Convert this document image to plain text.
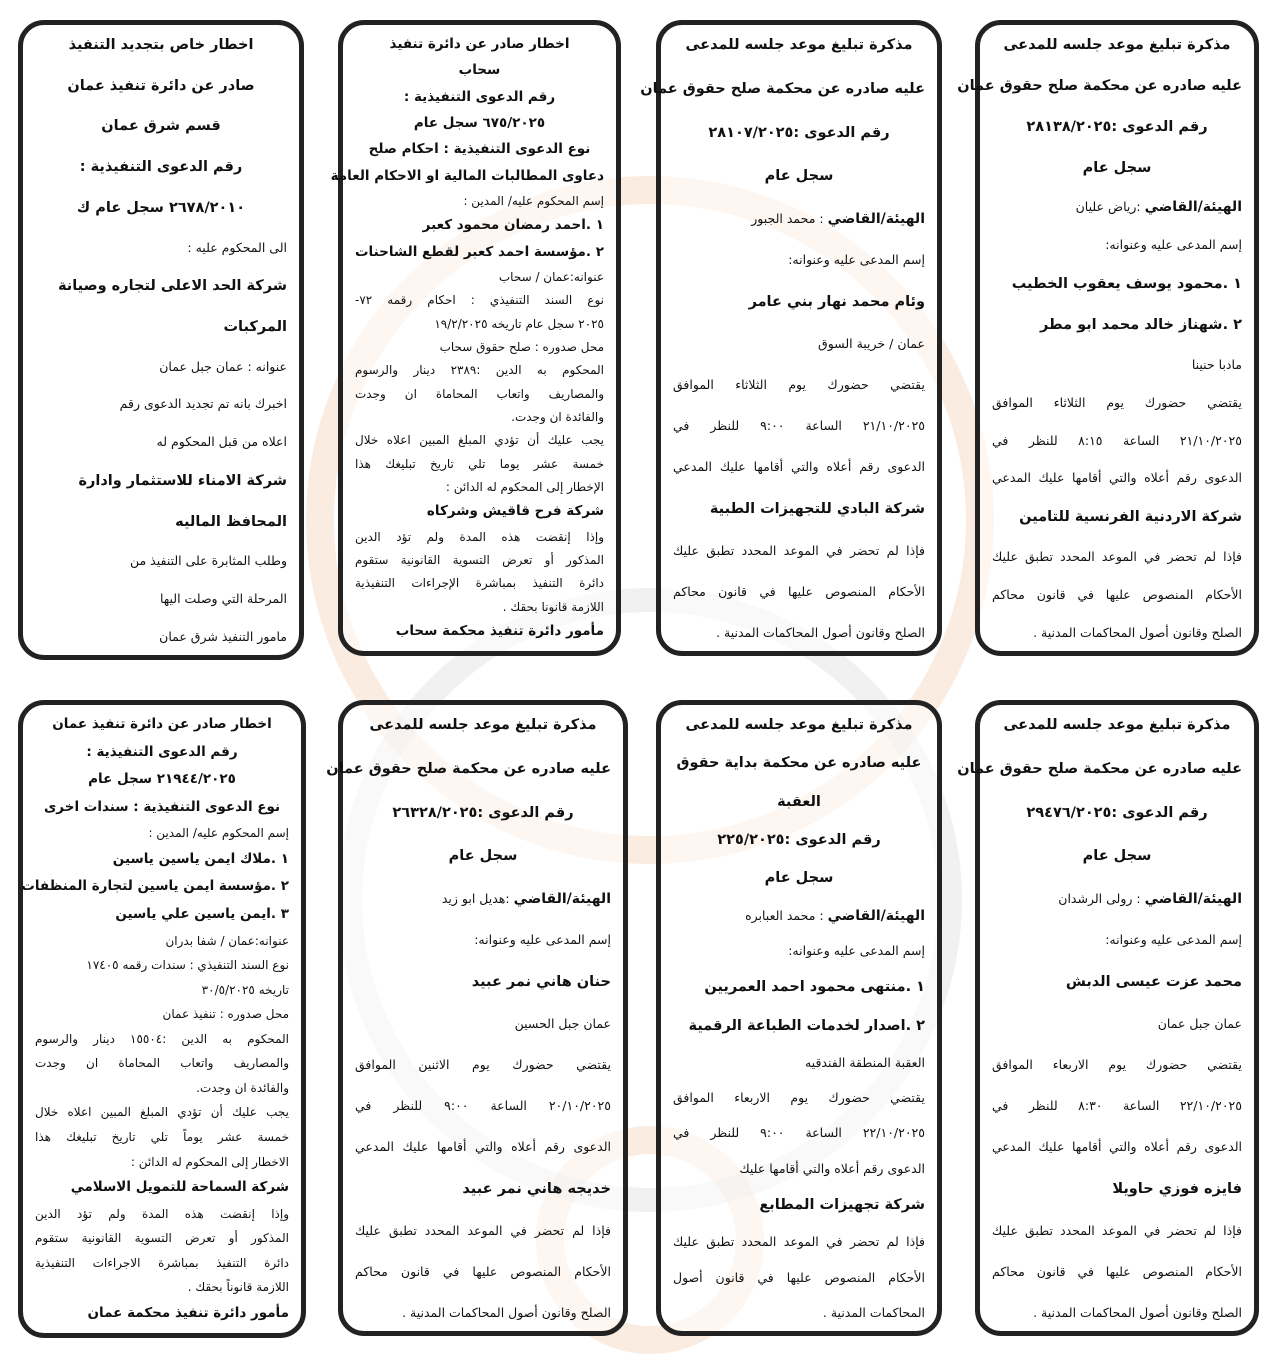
مذكرة تبليغ موعد جلسه للمدعى
عليه صادره عن محكمة صلح حقوق عمان
رقم الدعوى :٢٨١٣٨/٢٠٢٥
سجل عام
الهيئة/القاضي :رياض عليان
إسم المدعى عليه وعنوانه:
١ .محمود يوسف يعقوب الخطيب
٢ .شهناز خالد محمد ابو مطر
مادبا حنينا
يقتضي حضورك يوم الثلاثاء الموافق
٢١/١٠/٢٠٢٥ الساعة ٨:١٥ للنظر في
الدعوى رقم أعلاه والتي أقامها عليك المدعي
شركة الاردنية الفرنسية للتامين
فإذا لم تحضر في الموعد المحدد تطبق عليك
الأحكام المنصوص عليها في قانون محاكم
الصلح وقانون أصول المحاكمات المدنية .
مذكرة تبليغ موعد جلسه للمدعى
عليه صادره عن محكمة صلح حقوق عمان
رقم الدعوى :٢٨١٠٧/٢٠٢٥
سجل عام
الهيئة/القاضي : محمد الجبور
إسم المدعى عليه وعنوانه:
وئام محمد نهار بني عامر
عمان / خريبة السوق
يقتضي حضورك يوم الثلاثاء الموافق
٢١/١٠/٢٠٢٥ الساعة ٩:٠٠ للنظر في
الدعوى رقم أعلاه والتي أقامها عليك المدعي
شركة البادي للتجهيزات الطبية
فإذا لم تحضر في الموعد المحدد تطبق عليك
الأحكام المنصوص عليها في قانون محاكم
الصلح وقانون أصول المحاكمات المدنية .
اخطار صادر عن دائرة تنفيذ
سحاب
رقم الدعوى التنفيذية :
٦٧٥/٢٠٢٥ سجل عام
نوع الدعوى التنفيذية : احكام صلح
دعاوى المطالبات المالية او الاحكام العامة
إسم المحكوم عليه/ المدين :
١ .احمد رمضان محمود كعبر
٢ .مؤسسة احمد كعبر لقطع الشاحنات
عنوانه:عمان / سحاب
نوع السند التنفيذي : احكام رقمه ٧٢-
٢٠٢٥ سجل عام تاريخه ١٩/٢/٢٠٢٥
محل صدوره : صلح حقوق سحاب
المحكوم به الدين :٢٣٨٩ دينار والرسوم
والمصاريف واتعاب المحاماة ان وجدت
والفائدة ان وجدت.
يجب عليك أن تؤدي المبلغ المبين اعلاه خلال
خمسة عشر يوما تلي تاريخ تبليغك هذا
الإخطار إلى المحكوم له الدائن :
شركة فرح قاقيش وشركاه
وإذا إنقضت هذه المدة ولم تؤد الدين
المذكور أو تعرض التسوية القانونية ستقوم
دائرة التنفيذ بمباشرة الإجراءات التنفيذية
اللازمة قانونا بحقك .
مأمور دائرة تنفيذ محكمة سحاب
اخطار خاص بتجديد التنفيذ
صادر عن دائرة تنفيذ عمان
قسم شرق عمان
رقم الدعوى التنفيذية :
٢٦٧٨/٢٠١٠ سجل عام ك
الى المحكوم عليه :
شركة الحد الاعلى لتجاره وصيانة
المركبات
عنوانه : عمان جبل عمان
اخبرك بانه تم تجديد الدعوى رقم
اعلاه من قبل المحكوم له
شركة الامناء للاستثمار وادارة
المحافظ الماليه
وطلب المثابرة على التنفيذ من
المرحلة التي وصلت اليها
مامور التنفيذ شرق عمان
مذكرة تبليغ موعد جلسه للمدعى
عليه صادره عن محكمة صلح حقوق عمان
رقم الدعوى :٢٩٤٧٦/٢٠٢٥
سجل عام
الهيئة/القاضي : رولى الرشدان
إسم المدعى عليه وعنوانه:
محمد عزت عيسى الدبش
عمان جبل عمان
يقتضي حضورك يوم الاربعاء الموافق
٢٢/١٠/٢٠٢٥ الساعة ٨:٣٠ للنظر في
الدعوى رقم أعلاه والتي أقامها عليك المدعي
فايزه فوزي حاويلا
فإذا لم تحضر في الموعد المحدد تطبق عليك
الأحكام المنصوص عليها في قانون محاكم
الصلح وقانون أصول المحاكمات المدنية .
مذكرة تبليغ موعد جلسه للمدعى
عليه صادره عن محكمة بداية حقوق
العقبة
رقم الدعوى :٢٢٥/٢٠٢٥
سجل عام
الهيئة/القاضي : محمد العبابره
إسم المدعى عليه وعنوانه:
١ .منتهى محمود احمد العمريين
٢ .اصدار لخدمات الطباعة الرقمية
العقبة المنطقة الفندقيه
يقتضي حضورك يوم الاربعاء الموافق
٢٢/١٠/٢٠٢٥ الساعة ٩:٠٠ للنظر في
الدعوى رقم أعلاه والتي أقامها عليك
شركة تجهيزات المطابع
فإذا لم تحضر في الموعد المحدد تطبق عليك
الأحكام المنصوص عليها في قانون أصول
المحاكمات المدنية .
مذكرة تبليغ موعد جلسه للمدعى
عليه صادره عن محكمة صلح حقوق عمان
رقم الدعوى :٢٦٣٢٨/٢٠٢٥
سجل عام
الهيئة/القاضي :هديل ابو زيد
إسم المدعى عليه وعنوانه:
حنان هاني نمر عبيد
عمان جبل الحسين
يقتضي حضورك يوم الاثنين الموافق
٢٠/١٠/٢٠٢٥ الساعة ٩:٠٠ للنظر في
الدعوى رقم أعلاه والتي أقامها عليك المدعي
خديجه هاني نمر عبيد
فإذا لم تحضر في الموعد المحدد تطبق عليك
الأحكام المنصوص عليها في قانون محاكم
الصلح وقانون أصول المحاكمات المدنية .
اخطار صادر عن دائرة تنفيذ عمان
رقم الدعوى التنفيذية :
٢١٩٤٤/٢٠٢٥ سجل عام
نوع الدعوى التنفيذية : سندات اخرى
إسم المحكوم عليه/ المدين :
١ .ملاك ايمن ياسين ياسين
٢ .مؤسسة ايمن ياسين لتجارة المنظفات
٣ .ايمن ياسين علي ياسين
عنوانه:عمان / شفا بدران
نوع السند التنفيذي : سندات رقمه ١٧٤٠٥
تاريخه ٣٠/٥/٢٠٢٥
محل صدوره : تنفيذ عمان
المحكوم به الدين :١٥٥٠٤ دينار والرسوم
والمصاريف واتعاب المحاماة ان وجدت
والفائدة ان وجدت.
يجب عليك أن تؤدي المبلغ المبين اعلاه خلال
خمسة عشر يوماً تلي تاريخ تبليغك هذا
الاخطار إلى المحكوم له الدائن :
شركة السماحة للتمويل الاسلامي
وإذا إنقضت هذه المدة ولم تؤد الدين
المذكور أو تعرض التسوية القانونية ستقوم
دائرة التنفيذ بمباشرة الاجراءات التنفيذية
اللازمة قانوناً بحقك .
مأمور دائرة تنفيذ محكمة عمان
